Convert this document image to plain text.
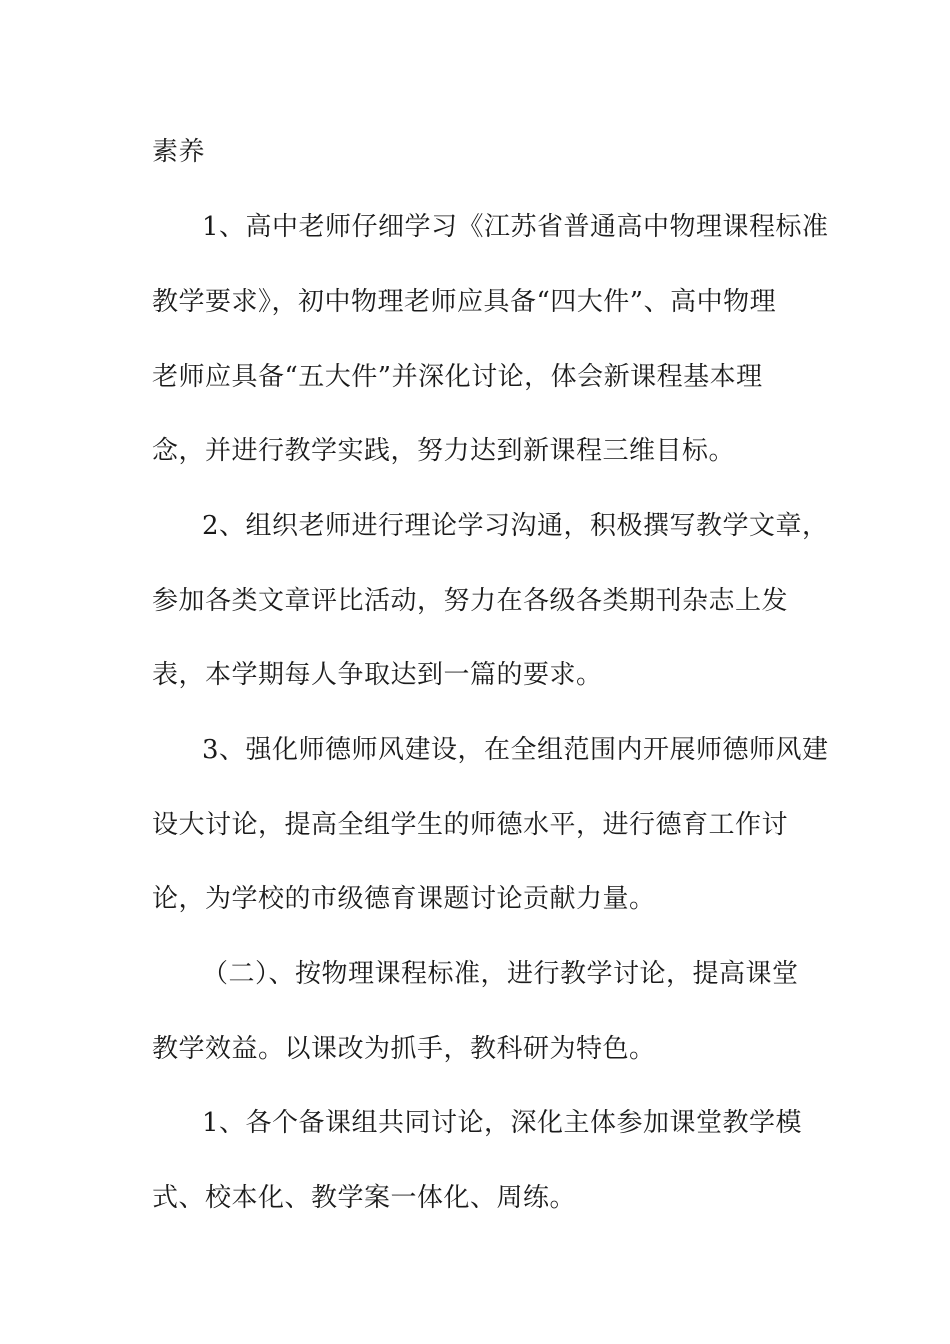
素养
1、高中老师仔细学习《江苏省普通高中物理课程标准
教学要求》，初中物理老师应具备“四大件”、高中物理
老师应具备“五大件”并深化讨论，体会新课程基本理
念，并进行教学实践，努力达到新课程三维目标。
2、组织老师进行理论学习沟通，积极撰写教学文章，
参加各类文章评比活动，努力在各级各类期刊杂志上发
表，本学期每人争取达到一篇的要求。
3、强化师德师风建设，在全组范围内开展师德师风建
设大讨论，提高全组学生的师德水平，进行德育工作讨
论，为学校的市级德育课题讨论贡献力量。
（二）、按物理课程标准，进行教学讨论，提高课堂
教学效益。以课改为抓手，教科研为特色。
1、各个备课组共同讨论，深化主体参加课堂教学模
式、校本化、教学案一体化、周练。
